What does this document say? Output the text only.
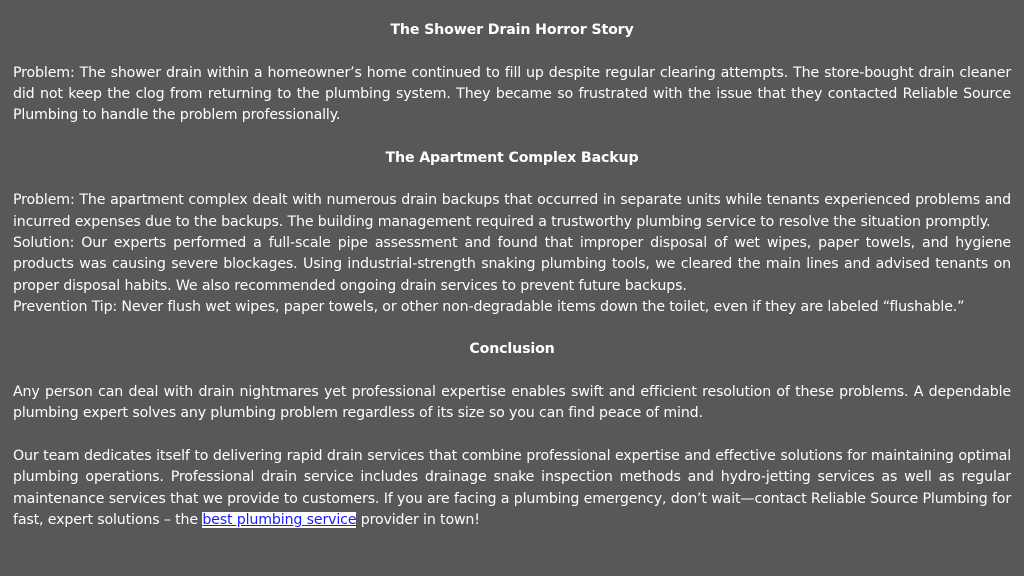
The Shower Drain Horror Story

Problem: The shower drain within a homeowner’s home continued to fill up despite regular clearing attempts. The store-bought drain cleaner did not keep the clog from returning to the plumbing system. They became so frustrated with the issue that they contacted Reliable Source Plumbing to handle the problem professionally.

The Apartment Complex Backup

Problem: The apartment complex dealt with numerous drain backups that occurred in separate units while tenants experienced problems and incurred expenses due to the backups. The building management required a trustworthy plumbing service to resolve the situation promptly.

Solution: Our experts performed a full-scale pipe assessment and found that improper disposal of wet wipes, paper towels, and hygiene products was causing severe blockages. Using industrial-strength snaking plumbing tools, we cleared the main lines and advised tenants on proper disposal habits. We also recommended ongoing drain services to prevent future backups.

Prevention Tip: Never flush wet wipes, paper towels, or other non-degradable items down the toilet, even if they are labeled “flushable.”

Conclusion

Any person can deal with drain nightmares yet professional expertise enables swift and efficient resolution of these problems. A dependable plumbing expert solves any plumbing problem regardless of its size so you can find peace of mind.

Our team dedicates itself to delivering rapid drain services that combine professional expertise and effective solutions for maintaining optimal plumbing operations. Professional drain service includes drainage snake inspection methods and hydro-jetting services as well as regular maintenance services that we provide to customers. If you are facing a plumbing emergency, don’t wait—contact Reliable Source Plumbing for fast, expert solutions – the best plumbing service provider in town!
